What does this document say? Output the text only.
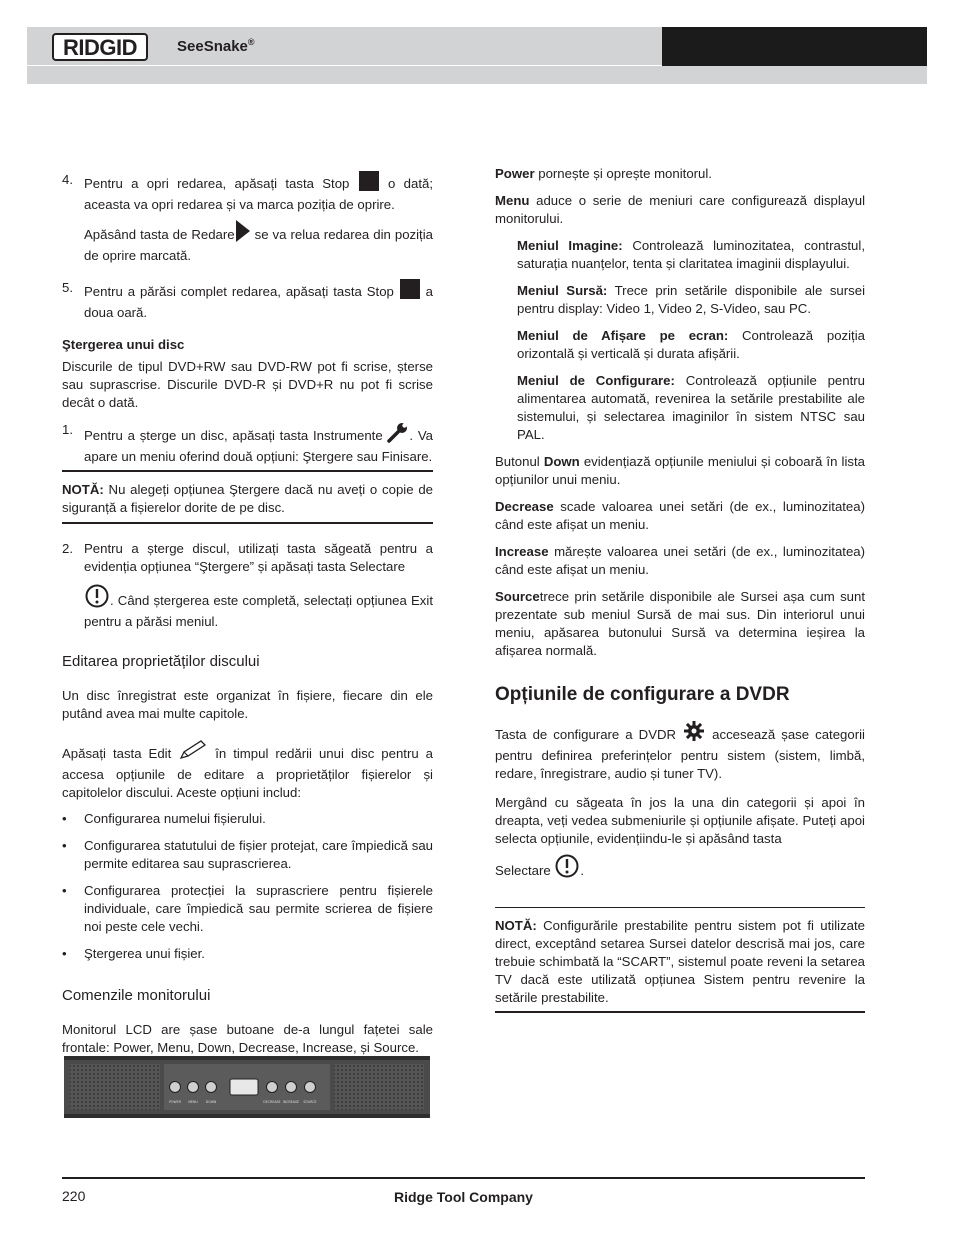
RIDGID	SeeSnake®
4. Pentru a opri redarea, apăsați tasta Stop	o dată; aceasta va opri redarea și va marca poziția de oprire.

Apăsând tasta de Redare se va relua redarea din poziția de oprire marcată.

5. Pentru a părăsi complet redarea, apăsați tasta Stop a doua oară.

Ştergerea unui disc

Discurile de tipul DVD+RW sau DVD-RW pot fi scrise, șterse sau suprascrise. Discurile DVD-R și DVD+R nu pot fi scrise decât o dată.

1. Pentru a șterge un disc, apăsați tasta Instrumente . Va apare un meniu oferind două opțiuni: Ştergere sau Finisare.
NOTĂ: Nu alegeți opțiunea Ştergere dacă nu aveți o copie de siguranță a fișierelor dorite de pe disc.
2. Pentru a șterge discul, utilizați tasta săgeată pentru a evidenția opțiunea “Ştergere” și apăsați tasta Selectare

. Când ștergerea este completă, selectați opțiunea Exit pentru a părăsi meniul.

Editarea proprietăților discului

Un disc înregistrat este organizat în fișiere, fiecare din ele putând avea mai multe capitole.

Apăsați tasta Edit	în timpul redării unui disc pentru a accesa opțiunile de editare a proprietăților fișierelor și capitolelor discului. Aceste opțiuni includ:

• Configurarea numelui fișierului.
• Configurarea statutului de fișier protejat, care împiedică sau permite editarea sau suprascrierea.
• Configurarea protecției la suprascriere pentru fișierele individuale, care împiedică sau permite scrierea de fișiere noi peste cele vechi.
• Ştergerea unui fișier.

Comenzile monitorului

Monitorul LCD are șase butoane de-a lungul fațetei sale frontale: Power, Menu, Down, Decrease, Increase, și Source.

POWER MENU	DOWN	DECREASE INCREASE SOURCE

Power pornește și oprește monitorul.

Menu aduce o serie de meniuri care configurează displayul monitorului.

Meniul Imagine: Controlează luminozitatea, contrastul, saturația nuanțelor, tenta și claritatea imaginii displayului.

Meniul Sursă: Trece prin setările disponibile ale sursei pentru display: Video 1, Video 2, S-Video, sau PC.

Meniul de Afișare pe ecran: Controlează poziția orizontală și verticală și durata afișării.

Meniul de Configurare: Controlează opțiunile pentru alimentarea automată, revenirea la setările prestabilite ale sistemului, și selectarea imaginilor în sistem NTSC sau PAL.

Butonul Down evidențiază opțiunile meniului și coboară în lista opțiunilor unui meniu.

Decrease scade valoarea unei setări (de ex., luminozitatea) când este afișat un meniu.

Increase mărește valoarea unei setări (de ex., luminozitatea) când este afișat un meniu.

Sourcetrece prin setările disponibile ale Sursei așa cum sunt prezentate sub meniul Sursă de mai sus. Din interiorul unui meniu, apăsarea butonului Sursă va determina ieșirea la afișarea normală.

Opțiunile de configurare a DVDR

Tasta de configurare a DVDR	accesează șase categorii pentru definirea preferințelor pentru sistem (sistem, limbă, redare, înregistrare, audio și tuner TV).

Mergând cu săgeata în jos la una din categorii și apoi în dreapta, veți vedea submeniurile și opțiunile afișate. Puteți apoi selecta opțiunile, evidențiindu-le și apăsând tasta

Selectare .

NOTĂ: Configurările prestabilite pentru sistem pot fi utilizate direct, exceptând setarea Sursei datelor descrisă mai jos, care trebuie schimbată la “SCART”, sistemul poate reveni la setarea TV dacă este utilizată opțiunea Sistem pentru revenire la setările prestabilite.
220	Ridge Tool Company
